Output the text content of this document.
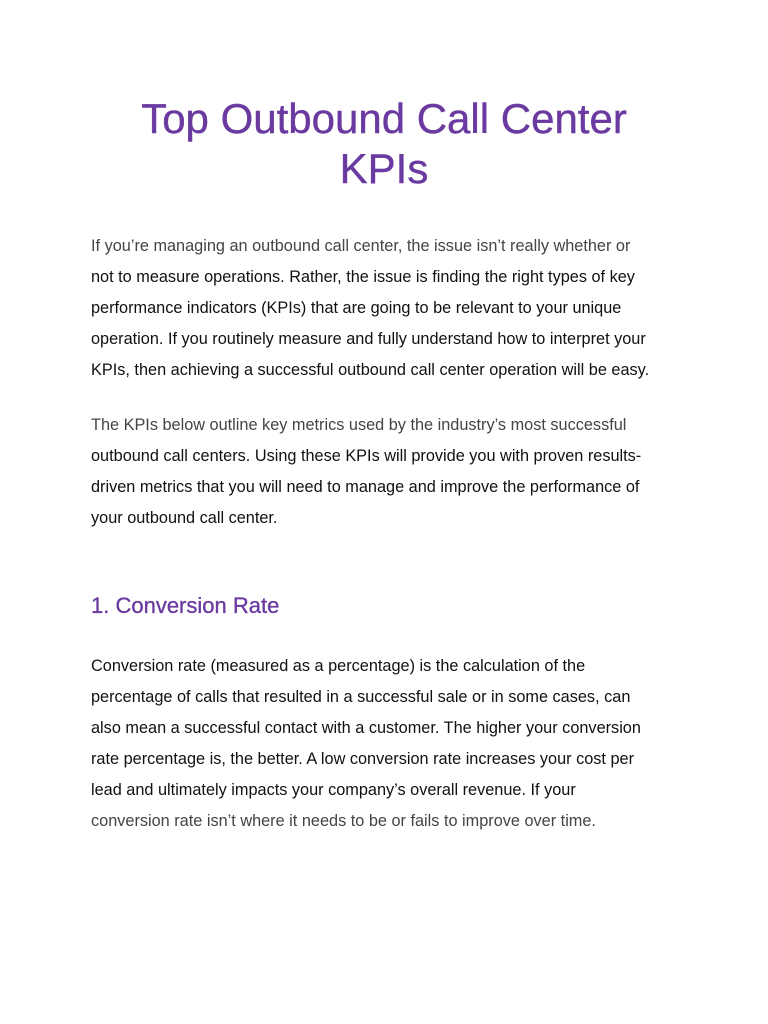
Top Outbound Call Center
KPIs

If you’re managing an outbound call center, the issue isn’t really whether or
not to measure operations. Rather, the issue is finding the right types of key
performance indicators (KPIs) that are going to be relevant to your unique
operation. If you routinely measure and fully understand how to interpret your
KPIs, then achieving a successful outbound call center operation will be easy.

The KPIs below outline key metrics used by the industry’s most successful
outbound call centers. Using these KPIs will provide you with proven results-
driven metrics that you will need to manage and improve the performance of
your outbound call center.

1. Conversion Rate

Conversion rate (measured as a percentage) is the calculation of the
percentage of calls that resulted in a successful sale or in some cases, can
also mean a successful contact with a customer. The higher your conversion
rate percentage is, the better. A low conversion rate increases your cost per
lead and ultimately impacts your company’s overall revenue. If your
conversion rate isn’t where it needs to be or fails to improve over time.
